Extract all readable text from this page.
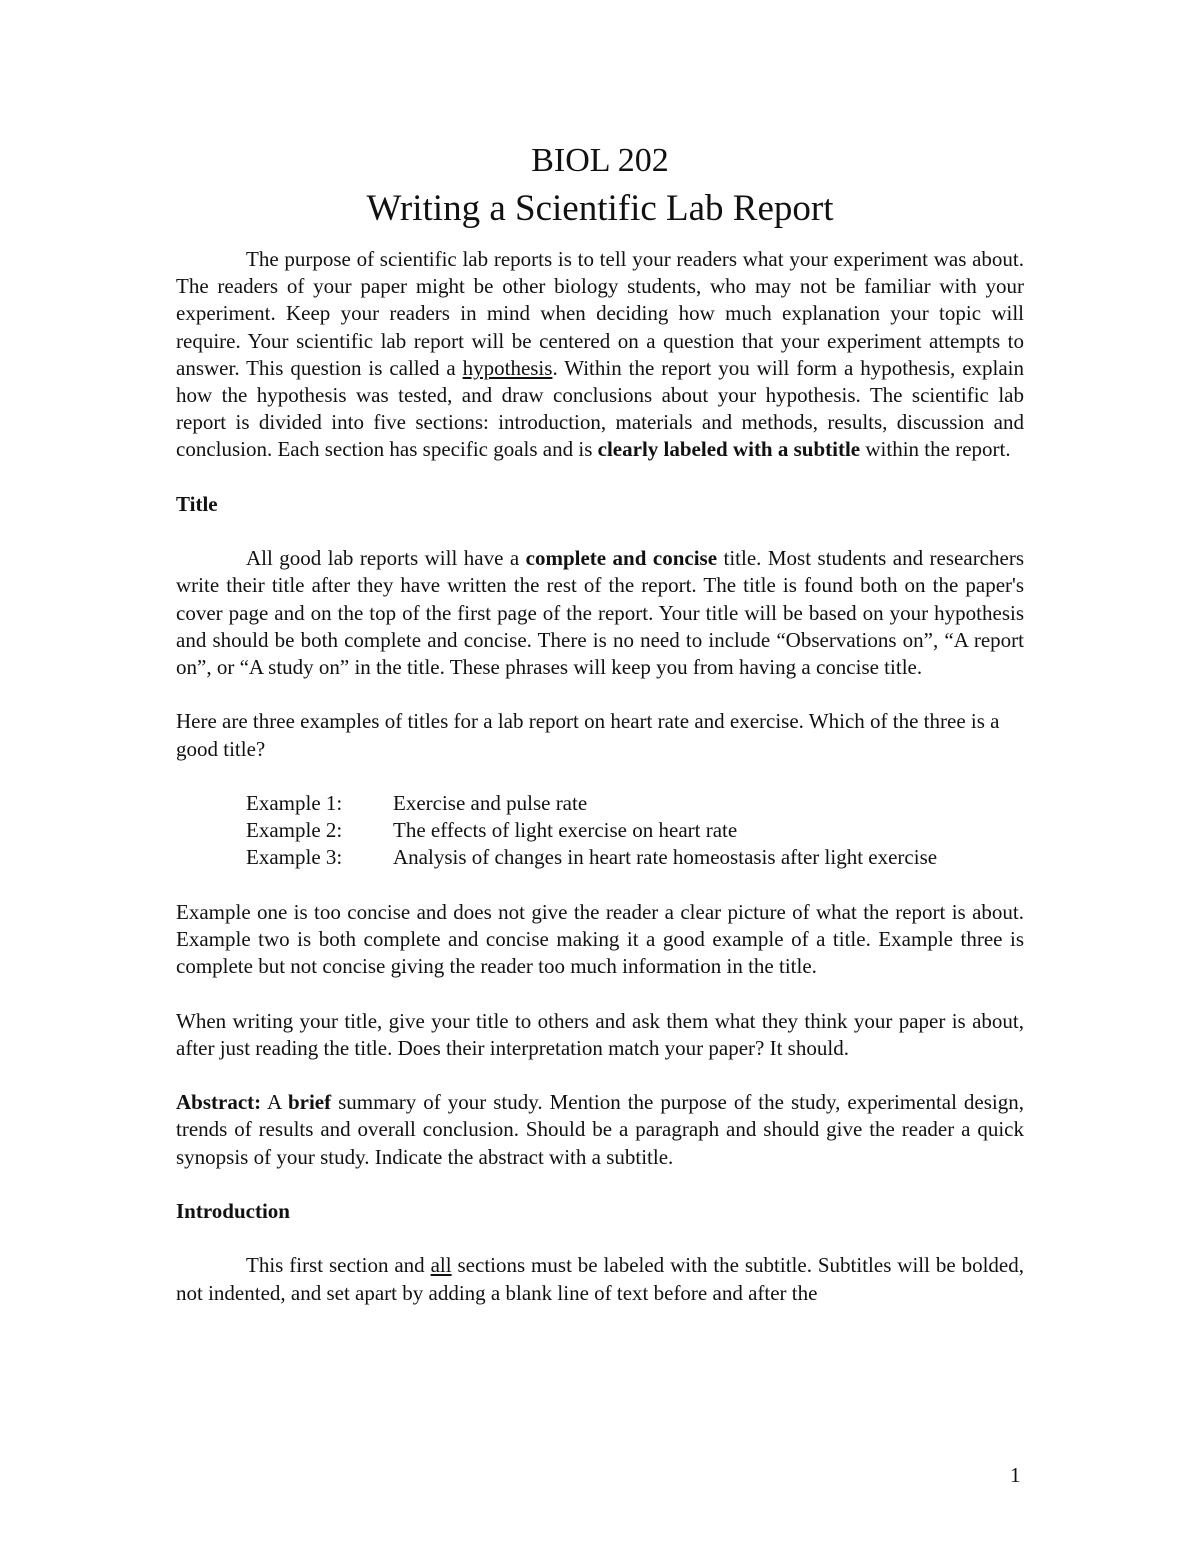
BIOL 202
Writing a Scientific Lab Report

The purpose of scientific lab reports is to tell your readers what your experiment was about. The readers of your paper might be other biology students, who may not be familiar with your experiment. Keep your readers in mind when deciding how much explanation your topic will require. Your scientific lab report will be centered on a question that your experiment attempts to answer. This question is called a hypothesis. Within the report you will form a hypothesis, explain how the hypothesis was tested, and draw conclusions about your hypothesis. The scientific lab report is divided into five sections: introduction, materials and methods, results, discussion and conclusion. Each section has specific goals and is clearly labeled with a subtitle within the report.

Title

All good lab reports will have a complete and concise title. Most students and researchers write their title after they have written the rest of the report. The title is found both on the paper's cover page and on the top of the first page of the report. Your title will be based on your hypothesis and should be both complete and concise. There is no need to include “Observations on”, “A report on”, or “A study on” in the title. These phrases will keep you from having a concise title.

Here are three examples of titles for a lab report on heart rate and exercise. Which of the three is a good title?

Example 1:	Exercise and pulse rate
Example 2:	The effects of light exercise on heart rate
Example 3:	Analysis of changes in heart rate homeostasis after light exercise

Example one is too concise and does not give the reader a clear picture of what the report is about. Example two is both complete and concise making it a good example of a title. Example three is complete but not concise giving the reader too much information in the title.

When writing your title, give your title to others and ask them what they think your paper is about, after just reading the title. Does their interpretation match your paper? It should.

Abstract: A brief summary of your study. Mention the purpose of the study, experimental design, trends of results and overall conclusion. Should be a paragraph and should give the reader a quick synopsis of your study. Indicate the abstract with a subtitle.

Introduction

This first section and all sections must be labeled with the subtitle. Subtitles will be bolded, not indented, and set apart by adding a blank line of text before and after the

1
